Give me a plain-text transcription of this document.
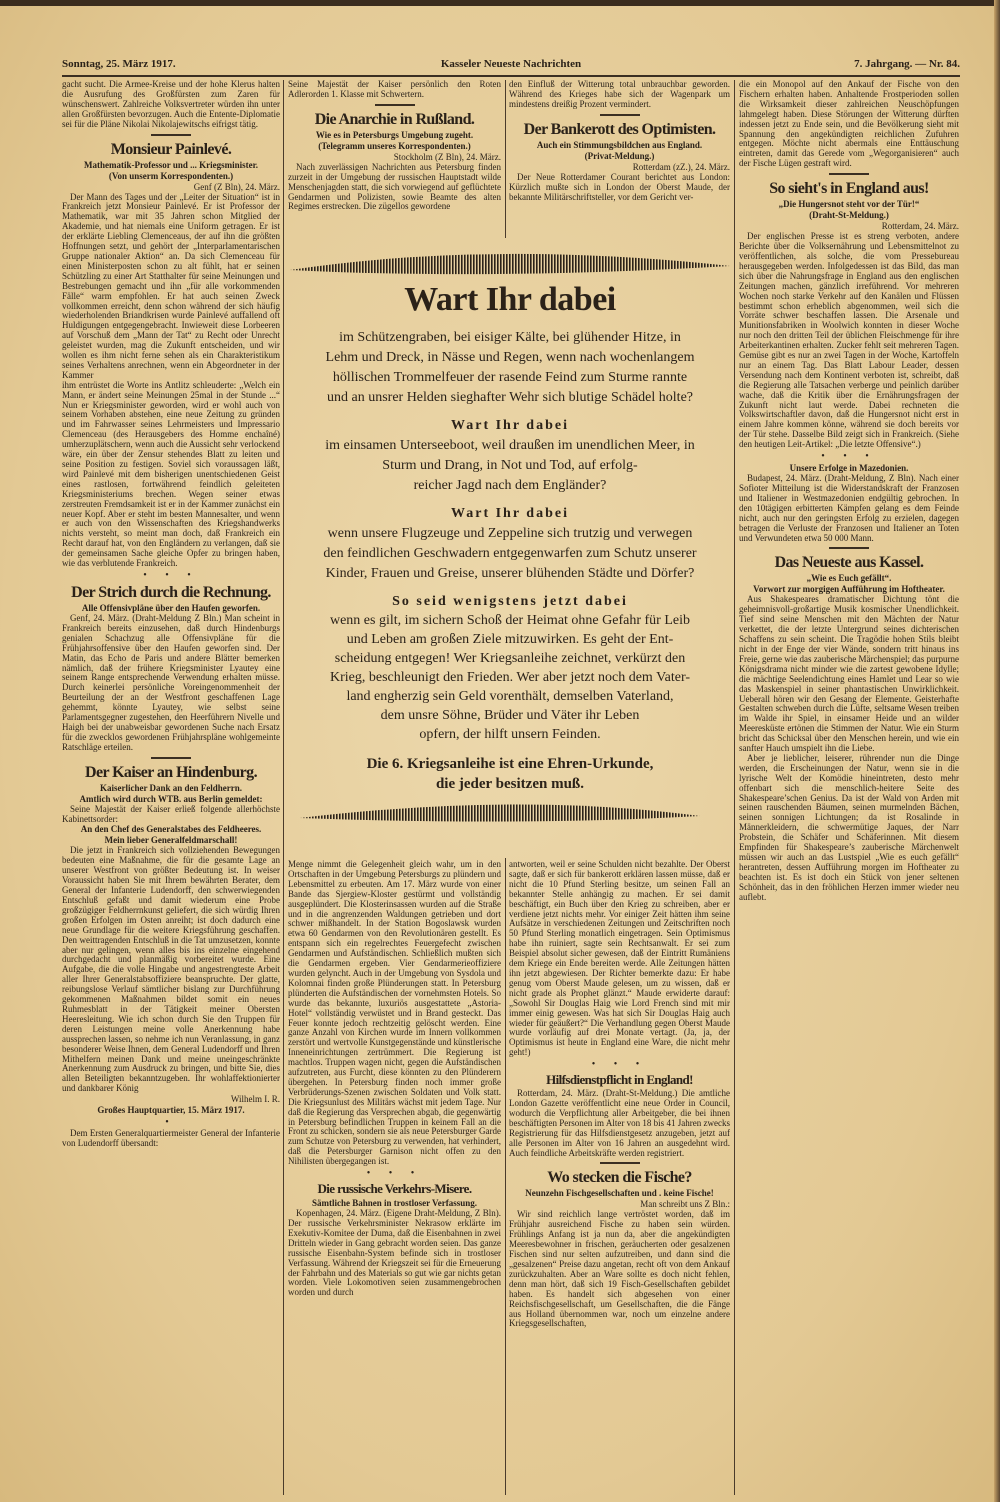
Sonntag, 25. März 1917.	Kasseler Neueste Nachrichten	7. Jahrgang. — Nr. 84.

gacht sucht. Die Armee-Kreise und der hohe Klerus halten die Ausrufung des Großfürsten zum Zaren für wünschenswert. Zahlreiche Volksvertreter würden ihn unter allen Großfürsten bevorzugen. Auch die Entente-Diplomatie sei für die Pläne Nikolai Nikolajewitschs eifrigst tätig.

Monsieur Painlevé.
Mathematik-Professor und ... Kriegsminister.
(Von unserm Korrespondenten.)
Genf (Z Bln), 24. März.

Der Mann des Tages und der „Leiter der Situation“ ist in Frankreich jetzt Monsieur Painlevé. Er ist Professor der Mathematik, war mit 35 Jahren schon Mitglied der Akademie, und hat niemals eine Uniform getragen. Er ist der erklärte Liebling Clemenceaus, der auf ihn die größten Hoffnungen setzt, und gehört der „Interparlamentarischen Gruppe nationaler Aktion“ an. Da sich Clemenceau für einen Ministerposten schon zu alt fühlt, hat er seinen Schützling zu einer Art Statthalter für seine Meinungen und Bestrebungen gemacht und ihn „für alle vorkommenden Fälle“ warm empfohlen. Er hat auch seinen Zweck vollkommen erreicht, denn schon während der sich häufig wiederholenden Briandkrisen wurde Painlevé auffallend oft Huldigungen entgegengebracht. Inwieweit diese Lorbeeren auf Vorschuß dem „Mann der Tat“ zu Recht oder Unrecht geleistet wurden, mag die Zukunft entscheiden, und wir wollen es ihm nicht ferne sehen als ein Charakteristikum seines Verhaltens anrechnen, wenn ein Abgeordneter in der Kammer

ihm entrüstet die Worte ins Antlitz schleuderte: „Welch ein Mann, er ändert seine Meinungen 25mal in der Stunde ...“ Nun er Kriegsminister geworden, wird er wohl auch von seinem Vorhaben abstehen, eine neue Zeitung zu gründen und im Fahrwasser seines Lehrmeisters und Impressario Clemenceau (des Herausgebers des Homme enchaîné) umherzuplätschern, wenn auch die Aussicht sehr verlockend wäre, ein über der Zensur stehendes Blatt zu leiten und seine Position zu festigen. Soviel sich voraussagen läßt, wird Painlevé mit dem bisherigen unentschiedenen Geist eines rastlosen, fortwährend feindlich geleiteten Kriegsministeriums brechen. Wegen seiner etwas zerstreuten Fremdsamkeit ist er in der Kammer zunächst ein neuer Kopf. Aber er steht im besten Mannesalter, und wenn er auch von den Wissenschaften des Kriegshandwerks nichts versteht, so meint man doch, daß Frankreich ein Recht darauf hat, von den Engländern zu verlangen, daß sie der gemeinsamen Sache gleiche Opfer zu bringen haben, wie das verblutende Frankreich.

• • •
Der Strich durch die Rechnung.
Alle Offensivpläne über den Haufen geworfen.

Genf, 24. März. (Draht-Meldung Z Bln.) Man scheint in Frankreich bereits einzusehen, daß durch Hindenburgs genialen Schachzug alle Offensivpläne für die Frühjahrsoffensive über den Haufen geworfen sind. Der Matin, das Echo de Paris und andere Blätter bemerken nämlich, daß der frühere Kriegsminister Lyautey eine seinem Range entsprechende Verwendung erhalten müsse. Durch keinerlei persönliche Voreingenommenheit der Beurteilung der an der Westfront geschaffenen Lage gehemmt, könnte Lyautey, wie selbst seine Parlamentsgegner zugestehen, den Heerführern Nivelle und Haigh bei der unabweisbar gewordenen Suche nach Ersatz für die zwecklos gewordenen Frühjahrspläne wohlgemeinte Ratschläge erteilen.

Der Kaiser an Hindenburg.
Kaiserlicher Dank an den Feldherrn.
Amtlich wird durch WTB. aus Berlin gemeldet:

Seine Majestät der Kaiser erließ folgende allerhöchste Kabinettsorder:

An den Chef des Generalstabes des Feldheeres.
Mein lieber Generalfeldmarschall!

Die jetzt in Frankreich sich vollziehenden Bewegungen bedeuten eine Maßnahme, die für die gesamte Lage an unserer Westfront von größter Bedeutung ist. In weiser Voraussicht haben Sie mit Ihrem bewährten Berater, dem General der Infanterie Ludendorff, den schwerwiegenden Entschluß gefaßt und damit wiederum eine Probe großzügiger Feldherrnkunst geliefert, die sich würdig Ihren großen Erfolgen im Osten anreiht; ist doch dadurch eine neue Grundlage für die weitere Kriegsführung geschaffen. Den weittragenden Entschluß in die Tat umzusetzen, konnte aber nur gelingen, wenn alles bis ins einzelne eingehend durchgedacht und planmäßig vorbereitet wurde. Eine Aufgabe, die die volle Hingabe und angestrengteste Arbeit aller Ihrer Generalstabsoffiziere beanspruchte. Der glatte, reibungslose Verlauf sämtlicher bislang zur Durchführung gekommenen Maßnahmen bildet somit ein neues Ruhmesblatt in der Tätigkeit meiner Obersten Heeresleitung. Wie ich schon durch Sie den Truppen für deren Leistungen meine volle Anerkennung habe aussprechen lassen, so nehme ich nun Veranlassung, in ganz besonderer Weise Ihnen, dem General Ludendorff und Ihren Mithelfern meinen Dank und meine uneingeschränkte Anerkennung zum Ausdruck zu bringen, und bitte Sie, dies allen Beteiligten bekanntzugeben. Ihr wohlaffektionierter und dankbarer König

Wilhelm I. R.
Großes Hauptquartier, 15. März 1917.
•

Dem Ersten Generalquartiermeister General der Infanterie von Ludendorff übersandt:

Seine Majestät der Kaiser persönlich den Roten Adlerorden 1. Klasse mit Schwertern.

Die Anarchie in Rußland.
Wie es in Petersburgs Umgebung zugeht.
(Telegramm unseres Korrespondenten.)
Stockholm (Z Bln), 24. März.

Nach zuverlässigen Nachrichten aus Petersburg finden zurzeit in der Umgebung der russischen Hauptstadt wilde Menschenjagden statt, die sich vorwiegend auf geflüchtete Gendarmen und Polizisten, sowie Beamte des alten Regimes erstrecken. Die zügellos gewordene

den Einfluß der Witterung total unbrauchbar geworden. Während des Krieges habe sich der Wagenpark um mindestens dreißig Prozent vermindert.

Der Bankerott des Optimisten.
Auch ein Stimmungsbildchen aus England.
(Privat-Meldung.)
Rotterdam (zZ.), 24. März.

Der Neue Rotterdamer Courant berichtet aus London: Kürzlich mußte sich in London der Oberst Maude, der bekannte Militärschriftsteller, vor dem Gericht ver-

Menge nimmt die Gelegenheit gleich wahr, um in den Ortschaften in der Umgebung Petersburgs zu plündern und Lebensmittel zu erbeuten. Am 17. März wurde von einer Bande das Sjergiew-Kloster gestürmt und vollständig ausgeplündert. Die Klosterinsassen wurden auf die Straße und in die angrenzenden Waldungen getrieben und dort schwer mißhandelt. In der Station Bogoslawsk wurden etwa 60 Gendarmen von den Revolutionären gestellt. Es entspann sich ein regelrechtes Feuergefecht zwischen Gendarmen und Aufständischen. Schließlich mußten sich die Gendarmen ergeben. Vier Gendarmerieoffiziere wurden gelyncht. Auch in der Umgebung von Sysdola und Kolomnai finden große Plünderungen statt. In Petersburg plünderten die Aufständischen der vornehmsten Hotels. So wurde das bekannte, luxuriös ausgestattete „Astoria-Hotel“ vollständig verwüstet und in Brand gesteckt. Das Feuer konnte jedoch rechtzeitig gelöscht werden. Eine ganze Anzahl von Kirchen wurde im Innern vollkommen zerstört und wertvolle Kunstgegenstände und künstlerische Inneneinrichtungen zertrümmert. Die Regierung ist machtlos. Truppen wagen nicht, gegen die Aufständischen aufzutreten, aus Furcht, diese könnten zu den Plünderern übergehen. In Petersburg finden noch immer große Verbrüderungs-Szenen zwischen Soldaten und Volk statt. Die Kriegsunlust des Militärs wächst mit jedem Tage. Nur daß die Regierung das Versprechen abgab, die gegenwärtig in Petersburg befindlichen Truppen in keinem Fall an die Front zu schicken, sondern sie als neue Petersburger Garde zum Schutze von Petersburg zu verwenden, hat verhindert, daß die Petersburger Garnison nicht offen zu den Nihilisten übergegangen ist.

• • •
Die russische Verkehrs-Misere.
Sämtliche Bahnen in trostloser Verfassung.

Kopenhagen, 24. März. (Eigene Draht-Meldung, Z Bln). Der russische Verkehrsminister Nekrasow erklärte im Exekutiv-Komitee der Duma, daß die Eisenbahnen in zwei Dritteln wieder in Gang gebracht worden seien. Das ganze russische Eisenbahn-System befinde sich in trostloser Verfassung. Während der Kriegszeit sei für die Erneuerung der Fahrbahn und des Materials so gut wie gar nichts getan worden. Viele Lokomotiven seien zusammengebrochen worden und durch

antworten, weil er seine Schulden nicht bezahlte. Der Oberst sagte, daß er sich für bankerott erklären lassen müsse, daß er nicht die 10 Pfund Sterling besitze, um seinen Fall an bekannter Stelle anhängig zu machen. Er sei damit beschäftigt, ein Buch über den Krieg zu schreiben, aber er verdiene jetzt nichts mehr. Vor einiger Zeit hätten ihm seine Aufsätze in verschiedenen Zeitungen und Zeitschriften noch 50 Pfund Sterling monatlich eingetragen. Sein Optimismus habe ihn ruiniert, sagte sein Rechtsanwalt. Er sei zum Beispiel absolut sicher gewesen, daß der Eintritt Rumäniens dem Kriege ein Ende bereiten werde. Alle Zeitungen hätten ihn jetzt abgewiesen. Der Richter bemerkte dazu: Er habe genug vom Oberst Maude gelesen, um zu wissen, daß er nicht grade als Prophet glänzt.“ Maude erwiderte darauf: „Sowohl Sir Douglas Haig wie Lord French sind mit mir immer einig gewesen. Was hat sich Sir Douglas Haig auch wieder für geäußert?“ Die Verhandlung gegen Oberst Maude wurde vorläufig auf drei Monate vertagt. (Ja, ja, der Optimismus ist heute in England eine Ware, die nicht mehr geht!)

• • •
Hilfsdienstpflicht in England!

Rotterdam, 24. März. (Draht-St-Meldung.) Die amtliche London Gazette veröffentlicht eine neue Order in Council, wodurch die Verpflichtung aller Arbeitgeber, die bei ihnen beschäftigten Personen im Alter von 18 bis 41 Jahren zwecks Registrierung für das Hilfsdienstgesetz anzugeben, jetzt auf alle Personen im Alter von 16 Jahren an ausgedehnt wird. Auch feindliche Arbeitskräfte werden registriert.

Wo stecken die Fische?
Neunzehn Fischgesellschaften und . keine Fische!
Man schreibt uns Z Bln.:

Wir sind reichlich lange vertröstet worden, daß im Frühjahr ausreichend Fische zu haben sein würden. Frühlings Anfang ist ja nun da, aber die angekündigten Meeresbewohner in frischen, geräucherten oder gesalzenen Fischen sind nur selten aufzutreiben, und dann sind die „gesalzenen“ Preise dazu angetan, recht oft von dem Ankauf zurückzuhalten. Aber an Ware sollte es doch nicht fehlen, denn man hört, daß sich 19 Fisch-Gesellschaften gebildet haben. Es handelt sich abgesehen von einer Reichsfischgesellschaft, um Gesellschaften, die die Fänge aus Holland übernommen war, noch um einzelne andere Kriegsgesellschaften,

die ein Monopol auf den Ankauf der Fische von den Fischern erhalten haben. Anhaltende Frostperioden sollen die Wirksamkeit dieser zahlreichen Neuschöpfungen lahmgelegt haben. Diese Störungen der Witterung dürften indessen jetzt zu Ende sein, und die Bevölkerung sieht mit Spannung den angekündigten reichlichen Zufuhren entgegen. Möchte nicht abermals eine Enttäuschung eintreten, damit das Gerede vom „Wegorganisieren“ auch der Fische Lügen gestraft wird.

So sieht's in England aus!
„Die Hungersnot steht vor der Tür!“
(Draht-St-Meldung.)
Rotterdam, 24. März.

Der englischen Presse ist es streng verboten, andere Berichte über die Volksernährung und Lebensmittelnot zu veröffentlichen, als solche, die vom Pressebureau herausgegeben werden. Infolgedessen ist das Bild, das man sich über die Nahrungsfrage in England aus den englischen Zeitungen machen, gänzlich irreführend. Vor mehreren Wochen noch starke Verkehr auf den Kanälen und Flüssen bestimmt schon erheblich abgenommen, weil sich die Vorräte schwer beschaffen lassen. Die Arsenale und Munitionsfabriken in Woolwich konnten in dieser Woche nur noch den dritten Teil der üblichen Fleischmenge für ihre Arbeiterkantinen erhalten. Zucker fehlt seit mehreren Tagen. Gemüse gibt es nur an zwei Tagen in der Woche, Kartoffeln nur an einem Tag. Das Blatt Labour Leader, dessen Versendung nach dem Kontinent verboten ist, schreibt, daß die Regierung alle Tatsachen verberge und peinlich darüber wache, daß die Kritik über die Ernährungsfragen der Zukunft nicht laut werde. Dabei rechneten die Volkswirtschaftler davon, daß die Hungersnot nicht erst in einem Jahre kommen könne, während sie doch bereits vor der Tür stehe. Dasselbe Bild zeigt sich in Frankreich. (Siehe den heutigen Leit-Artikel: „Die letzte Offensive“.)

• • •
Unsere Erfolge in Mazedonien.

Budapest, 24. März. (Draht-Meldung, Z Bln). Nach einer Sofioter Mitteilung ist die Widerstandskraft der Franzosen und Italiener in Westmazedonien endgültig gebrochen. In den 10tägigen erbitterten Kämpfen gelang es dem Feinde nicht, auch nur den geringsten Erfolg zu erzielen, dagegen betragen die Verluste der Franzosen und Italiener an Toten und Verwundeten etwa 50 000 Mann.

Das Neueste aus Kassel.
„Wie es Euch gefällt“.
Vorwort zur morgigen Aufführung im Hoftheater.

Aus Shakespeares dramatischer Dichtung tönt die geheimnisvoll-großartige Musik kosmischer Unendlichkeit. Tief sind seine Menschen mit den Mächten der Natur verkettet, die der letzte Untergrund seines dichterischen Schaffens zu sein scheint. Die Tragödie hohen Stils bleibt nicht in der Enge der vier Wände, sondern tritt hinaus ins Freie, gerne wie das zauberische Märchenspiel; das purpurne Königsdrama nicht minder wie die zartest gewobene Idylle; die mächtige Seelendichtung eines Hamlet und Lear so wie das Maskenspiel in seiner phantastischen Unwirklichkeit. Ueberall hören wir den Gesang der Elemente. Geisterhafte Gestalten schweben durch die Lüfte, seltsame Wesen treiben im Walde ihr Spiel, in einsamer Heide und an wilder Meeresküste ertönen die Stimmen der Natur. Wie ein Sturm bricht das Schicksal über den Menschen herein, und wie ein sanfter Hauch umspielt ihn die Liebe.

Aber je lieblicher, leiserer, rührender nun die Dinge werden, die Erscheinungen der Natur, wenn sie in die lyrische Welt der Komödie hineintreten, desto mehr offenbart sich die menschlich-heitere Seite des Shakespeare’schen Genius. Da ist der Wald von Arden mit seinen rauschenden Bäumen, seinen murmelnden Bächen, seinen sonnigen Lichtungen; da ist Rosalinde in Männerkleidern, die schwermütige Jaques, der Narr Probstein, die Schäfer und Schäferinnen. Mit diesem Empfinden für Shakespeare’s zauberische Märchenwelt müssen wir auch an das Lustspiel „Wie es euch gefällt“ herantreten, dessen Aufführung morgen im Hoftheater zu beachten ist. Es ist doch ein Stück von jener seltenen Schönheit, das in den fröhlichen Herzen immer wieder neu auflebt.

Wart Ihr dabei
im Schützengraben, bei eisiger Kälte, bei glühender Hitze, in
Lehm und Dreck, in Nässe und Regen, wenn nach wochenlangem
höllischen Trommelfeuer der rasende Feind zum Sturme rannte
und an unsrer Helden sieghafter Wehr sich blutige Schädel holte?
Wart Ihr dabei
im einsamen Unterseeboot, weil draußen im unendlichen Meer, in
Sturm und Drang, in Not und Tod, auf erfolg-
reicher Jagd nach dem Engländer?
Wart Ihr dabei
wenn unsere Flugzeuge und Zeppeline sich trutzig und verwegen
den feindlichen Geschwadern entgegenwarfen zum Schutz unserer
Kinder, Frauen und Greise, unserer blühenden Städte und Dörfer?
So seid wenigstens jetzt dabei
wenn es gilt, im sichern Schoß der Heimat ohne Gefahr für Leib
und Leben am großen Ziele mitzuwirken. Es geht der Ent-
scheidung entgegen! Wer Kriegsanleihe zeichnet, verkürzt den
Krieg, beschleunigt den Frieden. Wer aber jetzt noch dem Vater-
land engherzig sein Geld vorenthält, demselben Vaterland,
dem unsre Söhne, Brüder und Väter ihr Leben
opfern, der hilft unsern Feinden.
Die 6. Kriegsanleihe ist eine Ehren-Urkunde,
die jeder besitzen muß.
